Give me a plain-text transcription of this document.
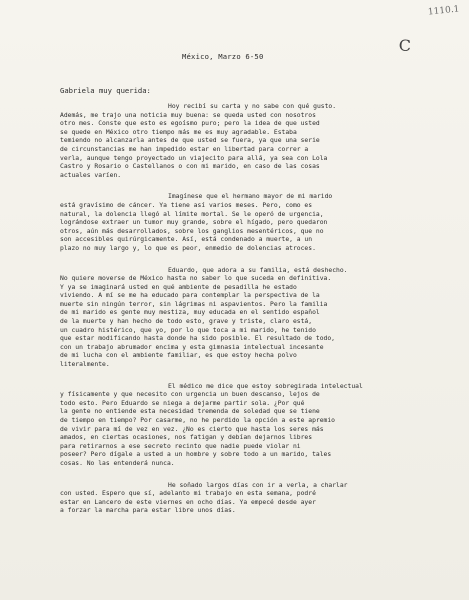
1110.1
C
México, Marzo 6-50
Gabriela muy querida:
Hoy recibí su carta y no sabe con qué gusto.
Además, me trajo una noticia muy buena: se queda usted con nosotros
otro mes. Conste que esto es egoísmo puro; pero la idea de que usted
se quede en México otro tiempo más me es muy agradable. Estaba
temiendo no alcanzarla antes de que usted se fuera, ya que una serie
de circunstancias me han impedido estar en libertad para correr a
verla, aunque tengo proyectado un viajecito para allá, ya sea con Lola
Castro y Rosario o Castellanos o con mi marido, en caso de las cosas
actuales varíen.
Imagínese que el hermano mayor de mi marido
está gravísimo de cáncer. Ya tiene así varios meses. Pero, como es
natural, la dolencia llegó al límite mortal. Se le operó de urgencia,
lográndose extraer un tumor muy grande, sobre el hígado, pero quedaron
otros, aún más desarrollados, sobre los ganglios mesentéricos, que no
son accesibles quirúrgicamente. Así, está condenado a muerte, a un
plazo no muy largo y, lo que es peor, enmedio de dolencias atroces.
Eduardo, que adora a su familia, está deshecho.
No quiere moverse de México hasta no saber lo que suceda en definitiva.
Y ya se imaginará usted en qué ambiente de pesadilla he estado
viviendo. A mí se me ha educado para contemplar la perspectiva de la
muerte sin ningún terror, sin lágrimas ni aspavientos. Pero la familia
de mi marido es gente muy mestiza, muy educada en el sentido español
de la muerte y han hecho de todo esto, grave y triste, claro está,
un cuadro histérico, que yo, por lo que toca a mi marido, he tenido
que estar modificando hasta donde ha sido posible. El resultado de todo,
con un trabajo abrumador encima y esta gimnasia intelectual incesante
de mi lucha con el ambiente familiar, es que estoy hecha polvo
literalmente.
El médico me dice que estoy sobregirada intelectual
y físicamente y que necesito con urgencia un buen descanso, lejos de
todo esto. Pero Eduardo se niega a dejarme partir sola. ¿Por qué
la gente no entiende esta necesidad tremenda de soledad que se tiene
de tiempo en tiempo? Por casarme, no he perdido la opción a este apremio
de vivir para mí de vez en vez. ¿No es cierto que hasta los seres más
amados, en ciertas ocasiones, nos fatigan y debían dejarnos libres
para retirarnos a ese secreto recinto que nadie puede violar ni
poseer? Pero dígale a usted a un hombre y sobre todo a un marido, tales
cosas. No las entenderá nunca.
He soñado largos días con ir a verla, a charlar
con usted. Espero que sí, adelanto mi trabajo en esta semana, podré
estar en Lancero de este viernes en ocho días. Ya empecé desde ayer
a forzar la marcha para estar libre unos días.
